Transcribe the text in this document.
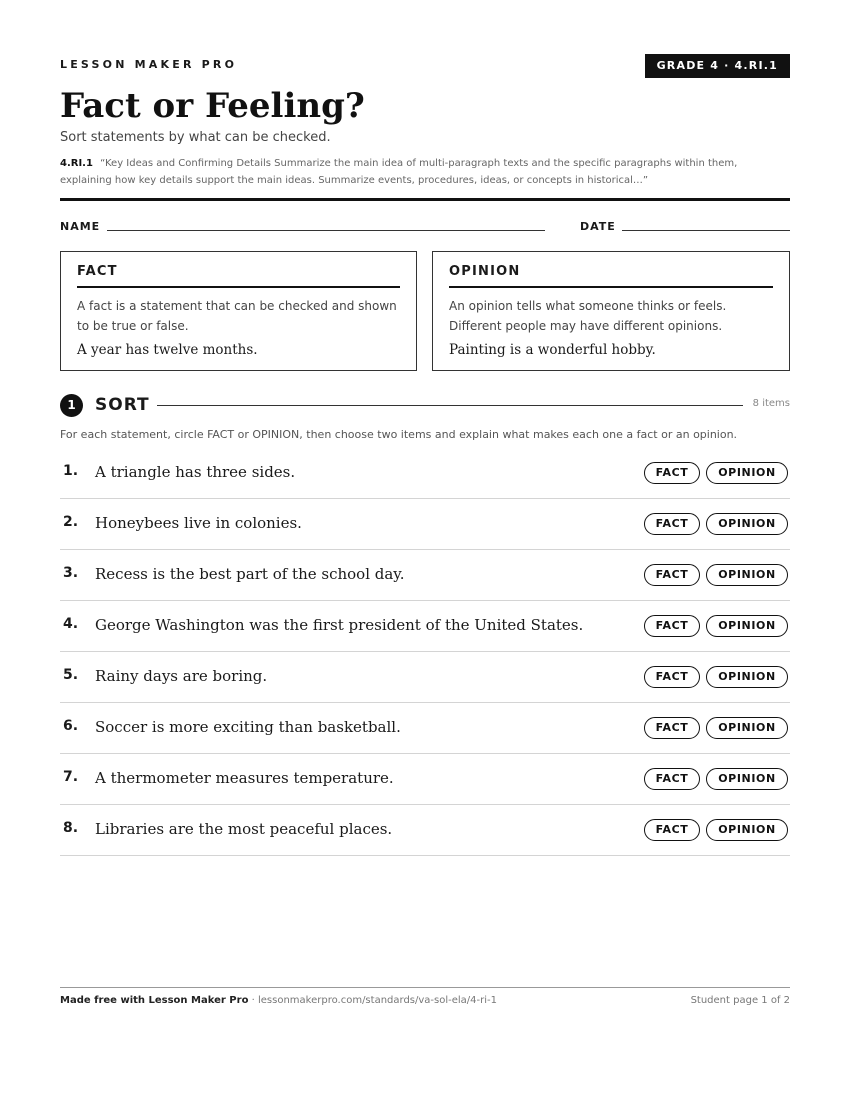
LESSON MAKER PRO	GRADE 4 · 4.RI.1
Fact or Feeling?
Sort statements by what can be checked.
4.RI.1 “Key Ideas and Confirming Details Summarize the main idea of multi-paragraph texts and the specific paragraphs within them, explaining how key details support the main ideas. Summarize events, procedures, ideas, or concepts in historical…”
NAME	DATE
FACT
A fact is a statement that can be checked and shown to be true or false.
A year has twelve months.
OPINION
An opinion tells what someone thinks or feels. Different people may have different opinions.
Painting is a wonderful hobby.
1	SORT	8 items
For each statement, circle FACT or OPINION, then choose two items and explain what makes each one a fact or an opinion.
1. A triangle has three sides.	FACT	OPINION
2. Honeybees live in colonies.	FACT	OPINION
3. Recess is the best part of the school day.	FACT	OPINION
4. George Washington was the first president of the United States.	FACT	OPINION
5. Rainy days are boring.	FACT	OPINION
6. Soccer is more exciting than basketball.	FACT	OPINION
7. A thermometer measures temperature.	FACT	OPINION
8. Libraries are the most peaceful places.	FACT	OPINION
Made free with Lesson Maker Pro · lessonmakerpro.com/standards/va-sol-ela/4-ri-1	Student page 1 of 2
